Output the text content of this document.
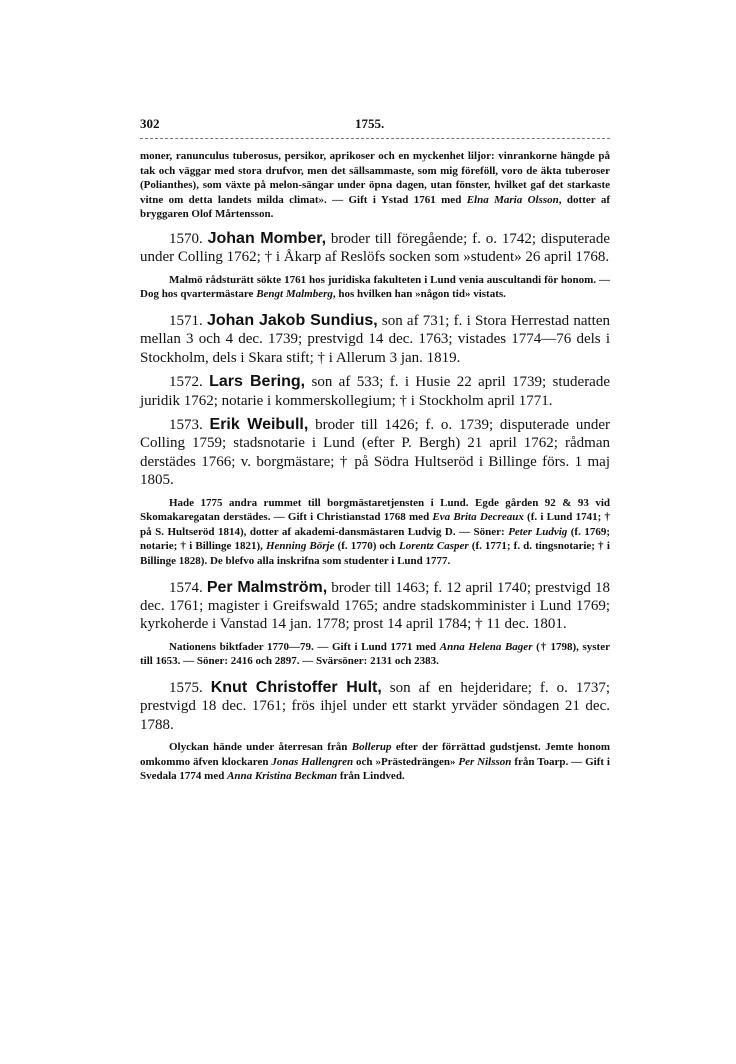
302	1755.

moner, ranunculus tuberosus, persikor, aprikoser och en myckenhet liljor: vinrankorne hängde på tak och väggar med stora drufvor, men det sällsammaste, som mig föreföll, voro de äkta tuberoser (Polianthes), som växte på melon-sängar under öpna dagen, utan fönster, hvilket gaf det starkaste vitne om detta landets milda climat». — Gift i Ystad 1761 med Elna Maria Olsson, dotter af bryggaren Olof Mårtensson.

1570. Johan Momber, broder till föregående; f. o. 1742; disputerade under Colling 1762; † i Åkarp af Reslöfs socken som »student» 26 april 1768.

Malmö rådsturätt sökte 1761 hos juridiska fakulteten i Lund venia auscultandi för honom. — Dog hos qvartermästare Bengt Malmberg, hos hvilken han »någon tid» vistats.

1571. Johan Jakob Sundius, son af 731; f. i Stora Herrestad natten mellan 3 och 4 dec. 1739; prestvigd 14 dec. 1763; vistades 1774—76 dels i Stockholm, dels i Skara stift; † i Allerum 3 jan. 1819.

1572. Lars Bering, son af 533; f. i Husie 22 april 1739; studerade juridik 1762; notarie i kommerskollegium; † i Stockholm april 1771.

1573. Erik Weibull, broder till 1426; f. o. 1739; disputerade under Colling 1759; stadsnotarie i Lund (efter P. Bergh) 21 april 1762; rådman derstädes 1766; v. borgmästare; † på Södra Hultseröd i Billinge förs. 1 maj 1805.

Hade 1775 andra rummet till borgmästaretjensten i Lund. Egde gården 92 & 93 vid Skomakaregatan derstädes. — Gift i Christianstad 1768 med Eva Brita Decreaux (f. i Lund 1741; † på S. Hultseröd 1814), dotter af akademi-dansmästaren Ludvig D. — Söner: Peter Ludvig (f. 1769; notarie; † i Billinge 1821), Henning Börje (f. 1770) och Lorentz Casper (f. 1771; f. d. tingsnotarie; † i Billinge 1828). De blefvo alla inskrifna som studenter i Lund 1777.

1574. Per Malmström, broder till 1463; f. 12 april 1740; prestvigd 18 dec. 1761; magister i Greifswald 1765; andre stadskomminister i Lund 1769; kyrkoherde i Vanstad 14 jan. 1778; prost 14 april 1784; † 11 dec. 1801.

Nationens biktfader 1770—79. — Gift i Lund 1771 med Anna Helena Bager († 1798), syster till 1653. — Söner: 2416 och 2897. — Svärsöner: 2131 och 2383.

1575. Knut Christoffer Hult, son af en hejderidare; f. o. 1737; prestvigd 18 dec. 1761; frös ihjel under ett starkt yrväder söndagen 21 dec. 1788.

Olyckan hände under återresan från Bollerup efter der förrättad gudstjenst. Jemte honom omkommo äfven klockaren Jonas Hallengren och »Prästedrängen» Per Nilsson från Toarp. — Gift i Svedala 1774 med Anna Kristina Beckman från Lindved.
